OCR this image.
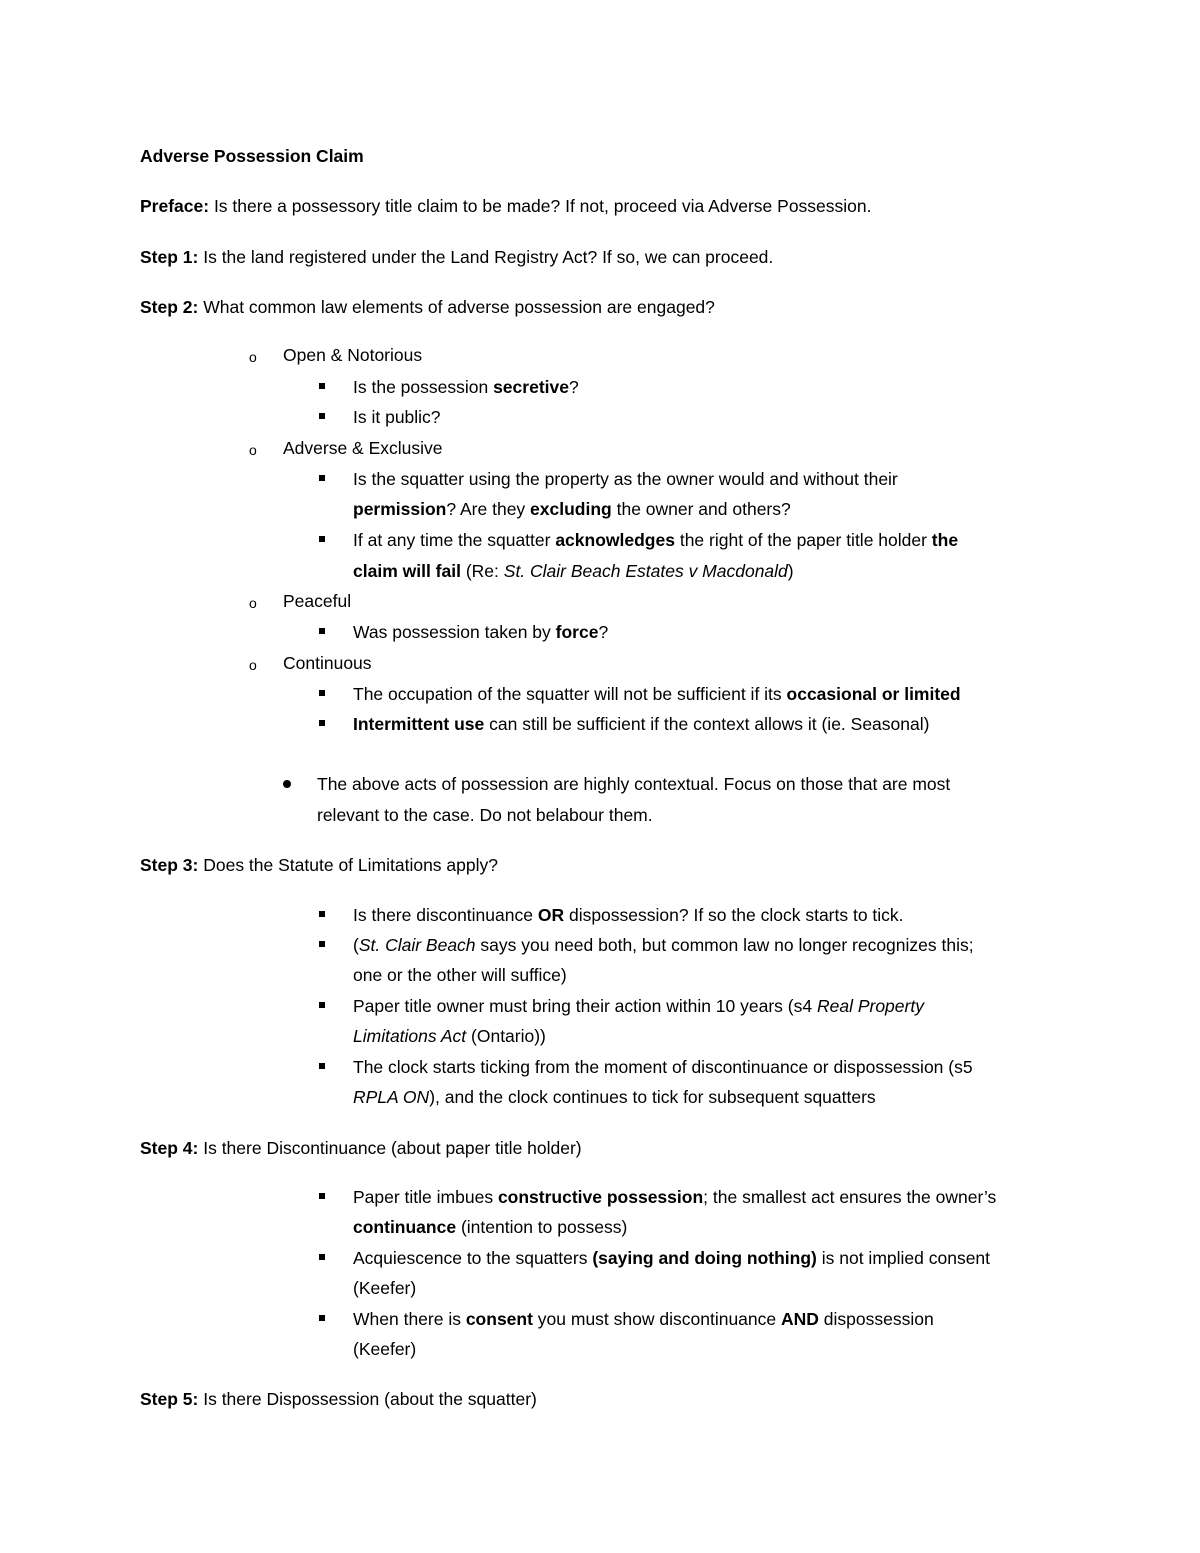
Adverse Possession Claim
Preface: Is there a possessory title claim to be made? If not, proceed via Adverse Possession.
Step 1: Is the land registered under the Land Registry Act? If so, we can proceed.
Step 2: What common law elements of adverse possession are engaged?
o Open & Notorious
Is the possession secretive?
Is it public?
o Adverse & Exclusive
Is the squatter using the property as the owner would and without their
permission? Are they excluding the owner and others?
If at any time the squatter acknowledges the right of the paper title holder the
claim will fail (Re: St. Clair Beach Estates v Macdonald)
o Peaceful
Was possession taken by force?
o Continuous
The occupation of the squatter will not be sufficient if its occasional or limited
Intermittent use can still be sufficient if the context allows it (ie. Seasonal)
The above acts of possession are highly contextual. Focus on those that are most
relevant to the case. Do not belabour them.
Step 3: Does the Statute of Limitations apply?
Is there discontinuance OR dispossession? If so the clock starts to tick.
(St. Clair Beach says you need both, but common law no longer recognizes this;
one or the other will suffice)
Paper title owner must bring their action within 10 years (s4 Real Property
Limitations Act (Ontario))
The clock starts ticking from the moment of discontinuance or dispossession (s5
RPLA ON), and the clock continues to tick for subsequent squatters
Step 4: Is there Discontinuance (about paper title holder)
Paper title imbues constructive possession; the smallest act ensures the owner’s
continuance (intention to possess)
Acquiescence to the squatters (saying and doing nothing) is not implied consent
(Keefer)
When there is consent you must show discontinuance AND dispossession
(Keefer)
Step 5: Is there Dispossession (about the squatter)
